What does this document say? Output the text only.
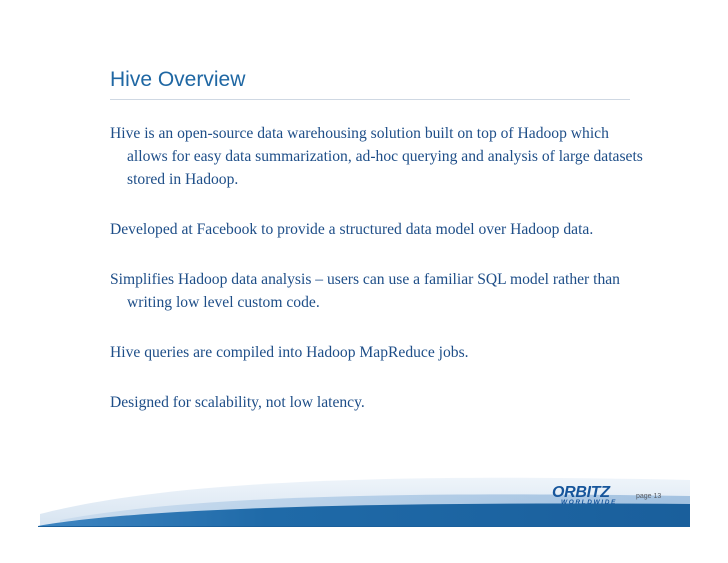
Hive Overview
Hive is an open-source data warehousing solution built on top of Hadoop which allows for easy data summarization, ad-hoc querying and analysis of large datasets stored in Hadoop.
Developed at Facebook to provide a structured data model over Hadoop data.
Simplifies Hadoop data analysis – users can use a familiar SQL model rather than writing low level custom code.
Hive queries are compiled into Hadoop MapReduce jobs.
Designed for scalability, not low latency.
ORBITZ
WORLDWIDE
page 13
